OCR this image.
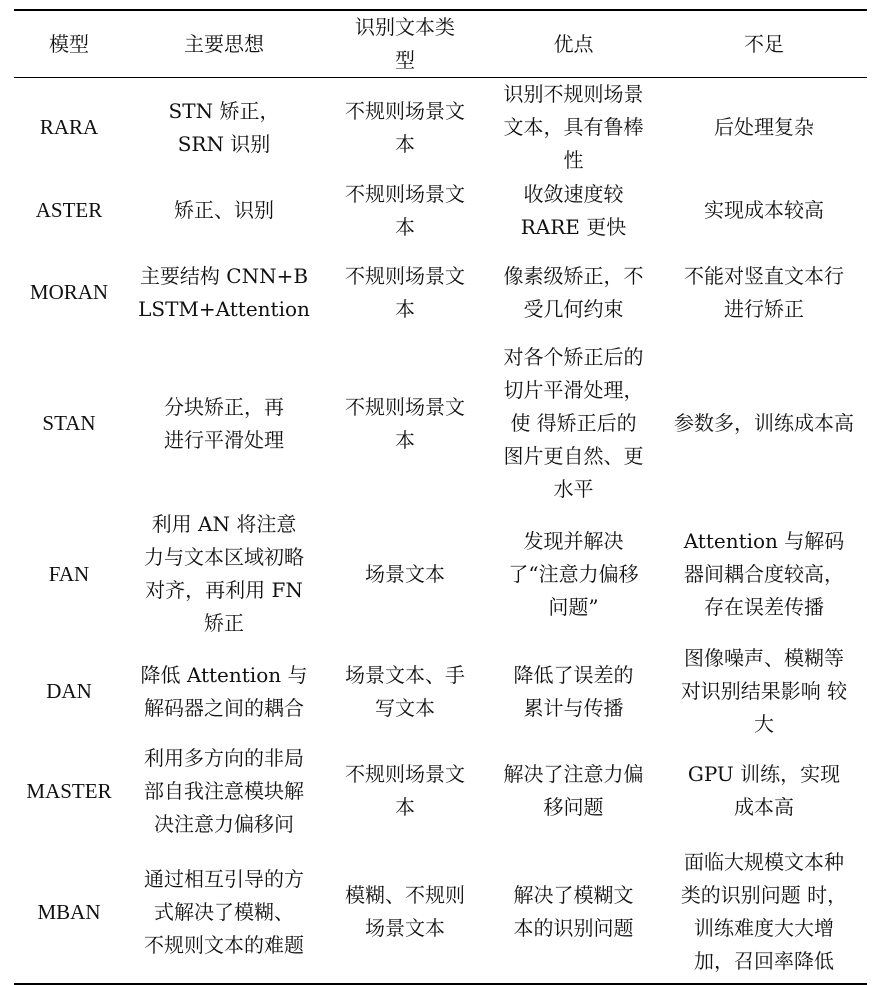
模型	主要思想	识别文本类型	优点	不足
RARA	STN 矫正，SRN 识别	不规则场景文本	识别不规则场景文本，具有鲁棒性	后处理复杂
ASTER	矫正、识别	不规则场景文本	收敛速度较 RARE 更快	实现成本较高
MORAN	主要结构 CNN+BLSTM+Attention	不规则场景文本	像素级矫正，不受几何约束	不能对竖直文本行进行矫正
STAN	分块矫正，再进行平滑处理	不规则场景文本	对各个矫正后的切片平滑处理，使 得矫正后的图片更自然、更水平	参数多，训练成本高
FAN	利用 AN 将注意力与文本区域初略对齐，再利用 FN 矫正	场景文本	发现并解决了“注意力偏移问题”	Attention 与解码器间耦合度较高， 存在误差传播
DAN	降低 Attention 与解码器之间的耦合	场景文本、手写文本	降低了误差的累计与传播	图像噪声、模糊等对识别结果影响 较大
MASTER	利用多方向的非局部自我注意模块解决注意力偏移问	不规则场景文本	解决了注意力偏移问题	GPU 训练，实现成本高
MBAN	通过相互引导的方式解决了模糊、 不规则文本的难题	模糊、不规则场景文本	解决了模糊文本的识别问题	面临大规模文本种类的识别问题 时，训练难度大大增加，召回率降低
